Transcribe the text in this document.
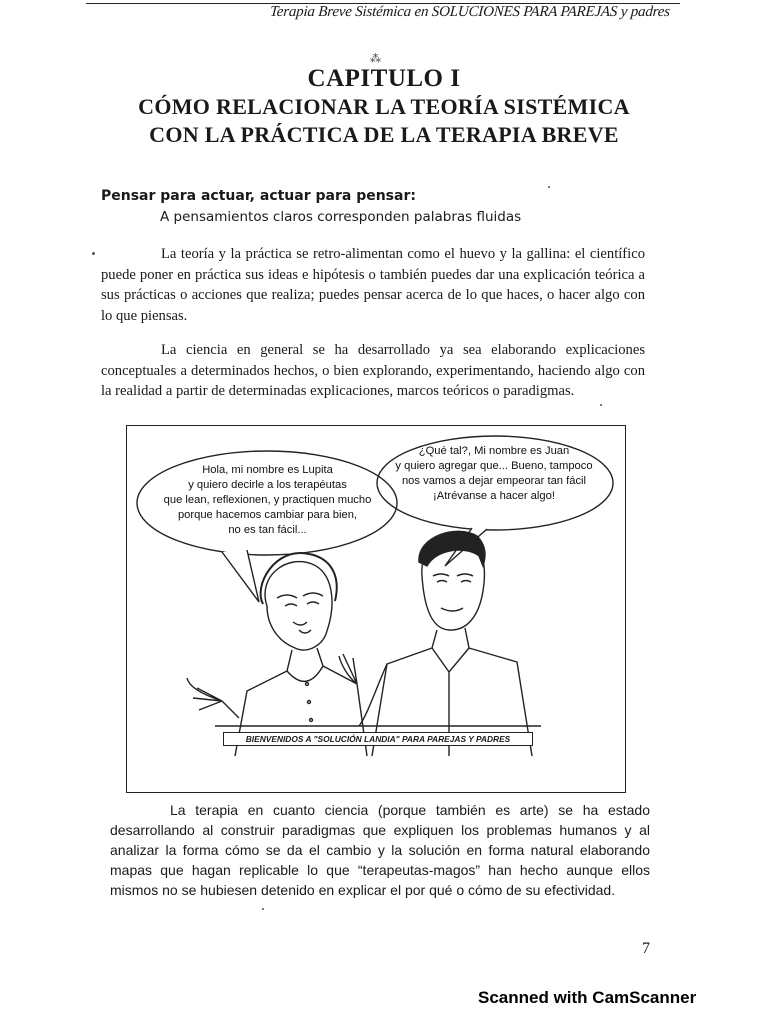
Terapia Breve Sistémica en SOLUCIONES PARA PAREJAS y padres
⁂
CAPITULO I
CÓMO RELACIONAR LA TEORÍA SISTÉMICA
CON LA PRÁCTICA DE LA TERAPIA BREVE
Pensar para actuar, actuar para pensar:
A pensamientos claros corresponden palabras fluidas
La teoría y la práctica se retro-alimentan como el huevo y la gallina: el científico puede poner en práctica sus ideas e hipótesis o también puedes dar una explicación teórica a sus prácticas o acciones que realiza; puedes pensar acerca de lo que haces, o hacer algo con lo que piensas.
La ciencia en general se ha desarrollado ya sea elaborando explicaciones conceptuales a determinados hechos, o bien explorando, experimentando, haciendo algo con la realidad a partir de determinadas explicaciones, marcos teóricos o paradigmas.
Hola, mi nombre es Lupita
y quiero decirle a los terapéutas
que lean, reflexionen, y practiquen mucho
porque hacemos cambiar para bien,
no es tan fácil...
¿Qué tal?, Mi nombre es Juan
y quiero agregar que... Bueno, tampoco
nos vamos a dejar empeorar tan fácil
¡Atrévanse a hacer algo!
BIENVENIDOS A "SOLUCIÓN LANDIA" PARA PAREJAS Y PADRES
La terapia en cuanto ciencia (porque también es arte) se ha estado desarrollando al construir paradigmas que expliquen los problemas humanos y al analizar la forma cómo se da el cambio y la solución en forma natural elaborando mapas que hagan replicable lo que “terapeutas-magos” han hecho aunque ellos mismos no se hubiesen detenido en explicar el por qué o cómo de su efectividad.
7
Scanned with CamScanner
